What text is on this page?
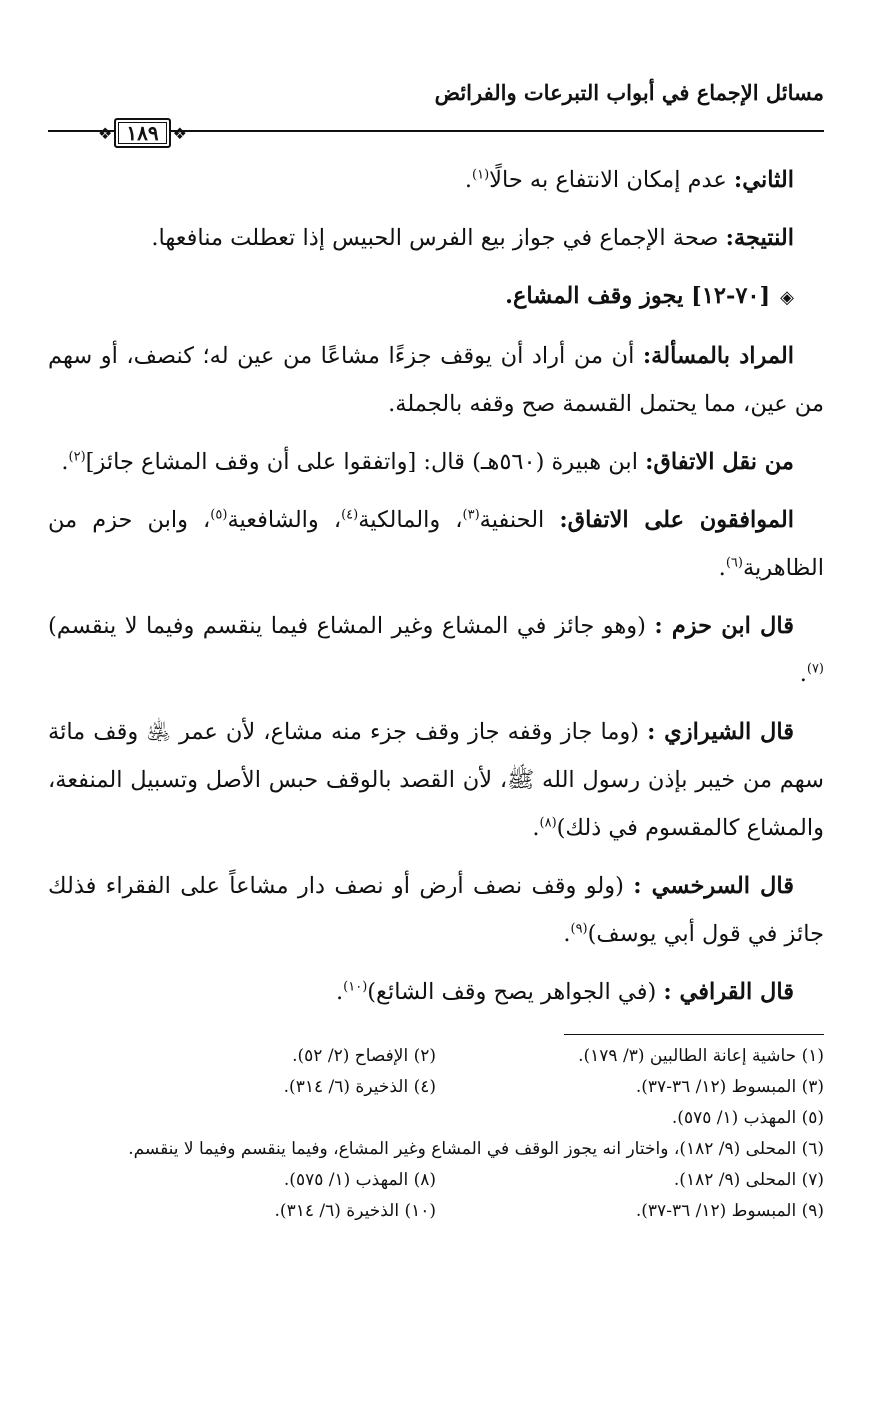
مسائل الإجماع في أبواب التبرعات والفرائض
❖
١٨٩
❖

الثاني: عدم إمكان الانتفاع به حالًا$^{(١)}$.

النتيجة: صحة الإجماع في جواز بيع الفرس الحبيس إذا تعطلت منافعها.

◈[٧٠-١٢] يجوز وقف المشاع.

المراد بالمسألة: أن من أراد أن يوقف جزءًا مشاعًا من عين له؛ كنصف، أو سهم من عين، مما يحتمل القسمة صح وقفه بالجملة.

من نقل الاتفاق: ابن هبيرة (٥٦٠هـ) قال: [واتفقوا على أن وقف المشاع جائز]$^{(٢)}$.

الموافقون على الاتفاق: الحنفية$^{(٣)}$، والمالكية$^{(٤)}$، والشافعية$^{(٥)}$، وابن حزم من الظاهرية$^{(٦)}$.

قال ابن حزم : (وهو جائز في المشاع وغير المشاع فيما ينقسم وفيما لا ينقسم)$^{(٧)}$.

قال الشيرازي : (وما جاز وقفه جاز وقف جزء منه مشاع، لأن عمر ﵁ وقف مائة سهم من خيبر بإذن رسول الله ﷺ، لأن القصد بالوقف حبس الأصل وتسبيل المنفعة، والمشاع كالمقسوم في ذلك)$^{(٨)}$.

قال السرخسي : (ولو وقف نصف أرض أو نصف دار مشاعاً على الفقراء فذلك جائز في قول أبي يوسف)$^{(٩)}$.

قال القرافي : (في الجواهر يصح وقف الشائع)$^{(١٠)}$.

(١) حاشية إعانة الطالبين (٣/ ١٧٩).
(٢) الإفصاح (٢/ ٥٢).
(٣) المبسوط (١٢/ ٣٦-٣٧).
(٤) الذخيرة (٦/ ٣١٤).
(٥) المهذب (١/ ٥٧٥).
(٦) المحلى (٩/ ١٨٢)، واختار انه يجوز الوقف في المشاع وغير المشاع، وفيما ينقسم وفيما لا ينقسم.
(٧) المحلى (٩/ ١٨٢).
(٨) المهذب (١/ ٥٧٥).
(٩) المبسوط (١٢/ ٣٦-٣٧).
(١٠) الذخيرة (٦/ ٣١٤).
